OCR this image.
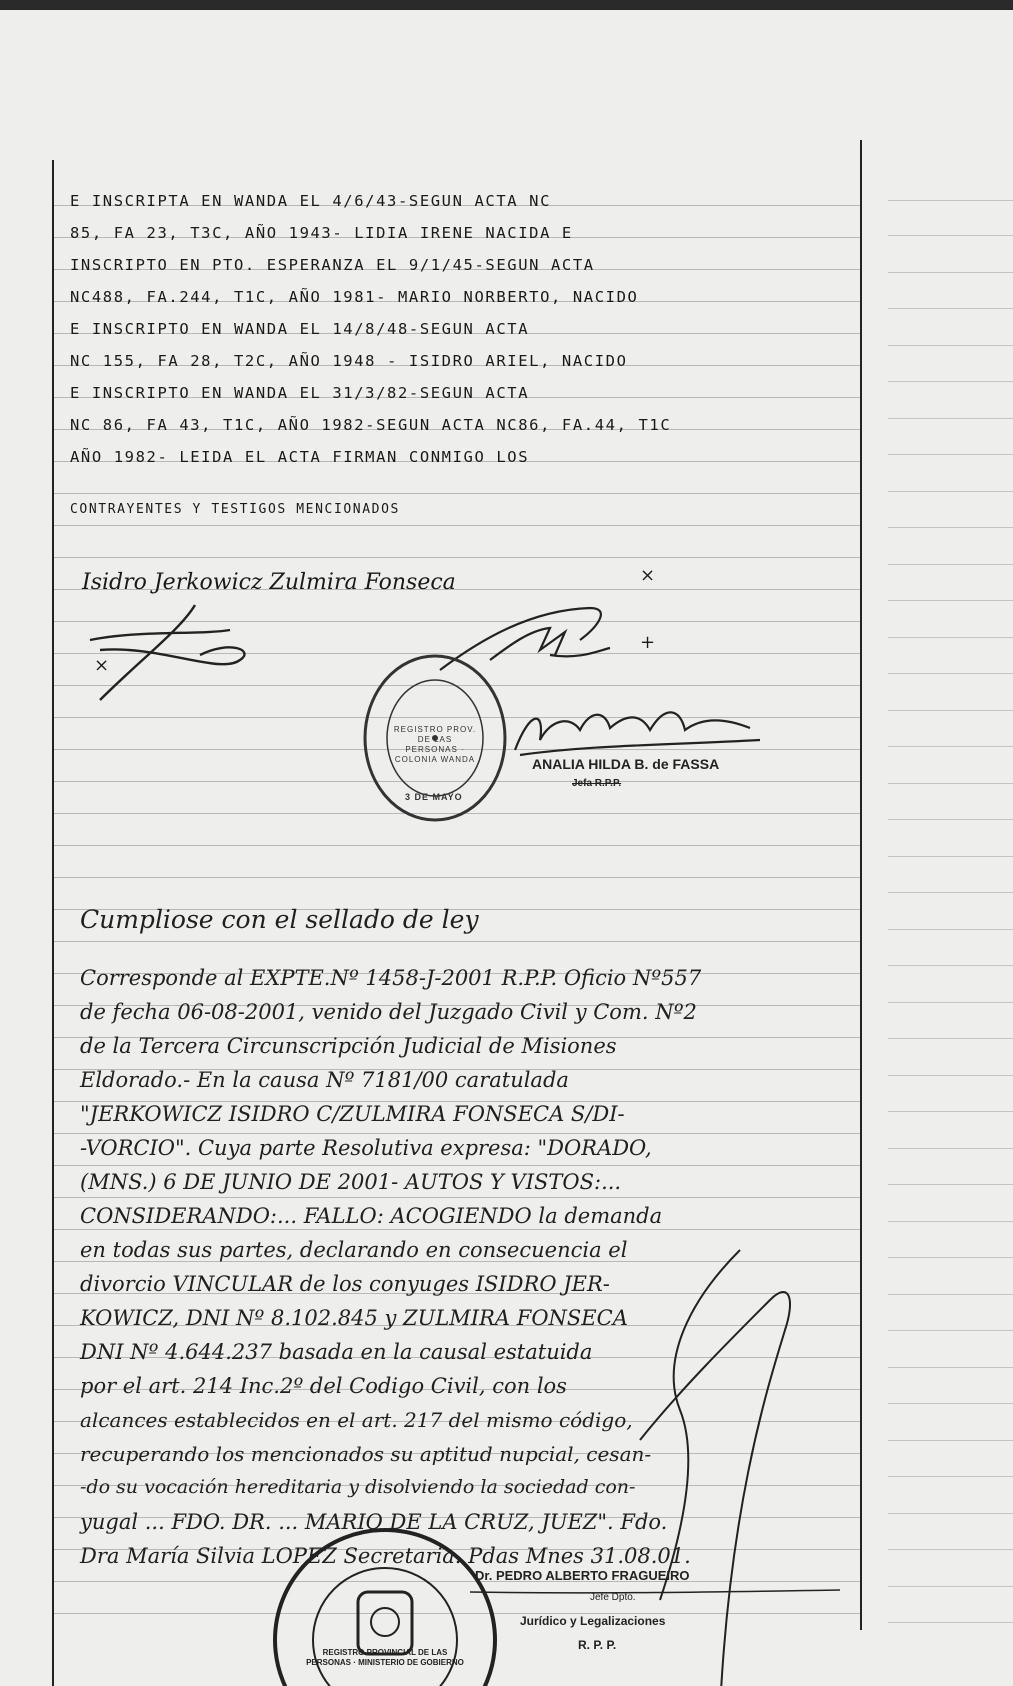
E INSCRIPTA EN WANDA EL 4/6/43-SEGUN ACTA NC
85, FA 23, T3C, AÑO 1943- LIDIA IRENE NACIDA E
INSCRIPTO EN PTO. ESPERANZA EL 9/1/45-SEGUN ACTA
NC488, FA.244, T1C, AÑO 1981- MARIO NORBERTO, NACIDO
E INSCRIPTO EN WANDA EL 14/8/48-SEGUN ACTA
NC 155, FA 28, T2C, AÑO 1948 - ISIDRO ARIEL, NACIDO
E INSCRIPTO EN WANDA EL 31/3/82-SEGUN ACTA
NC 86, FA 43, T1C, AÑO 1982-SEGUN ACTA NC86, FA.44, T1C
AÑO 1982- LEIDA EL ACTA FIRMAN CONMIGO LOS
CONTRAYENTES Y TESTIGOS MENCIONADOS
Isidro Jerkowicz Zulmira Fonseca	×
+
×
REGISTRO PROV. DE LAS PERSONAS · COLONIA WANDA
3 DE MAYO
ANALIA HILDA B. de FASSA
Jefa R.P.P.
Cumpliose con el sellado de ley
Corresponde al EXPTE.Nº 1458-J-2001 R.P.P. Oficio Nº557
de fecha 06-08-2001, venido del Juzgado Civil y Com. Nº2
de la Tercera Circunscripción Judicial de Misiones
Eldorado.- En la causa Nº 7181/00 caratulada
"JERKOWICZ ISIDRO C/ZULMIRA FONSECA S/DI-
-VORCIO". Cuya parte Resolutiva expresa: "DORADO,
(MNS.) 6 DE JUNIO DE 2001- AUTOS Y VISTOS:...
CONSIDERANDO:... FALLO: ACOGIENDO la demanda
en todas sus partes, declarando en consecuencia el
divorcio VINCULAR de los conyuges ISIDRO JER-
KOWICZ, DNI Nº 8.102.845 y ZULMIRA FONSECA
DNI Nº 4.644.237 basada en la causal estatuida
por el art. 214 Inc.2º del Codigo Civil, con los
alcances establecidos en el art. 217 del mismo código,
recuperando los mencionados su aptitud nupcial, cesan-
-do su vocación hereditaria y disolviendo la sociedad con-
yugal ... FDO. DR. ... MARIO DE LA CRUZ, JUEZ". Fdo.
Dra María Silvia LOPEZ Secretaria. Pdas Mnes 31.08.01.
REGISTRO PROVINCIAL DE LAS PERSONAS · MINISTERIO DE GOBIERNO
Dr. PEDRO ALBERTO FRAGUEIRO
Jefe Dpto.
Jurídico y Legalizaciones
R. P. P.
